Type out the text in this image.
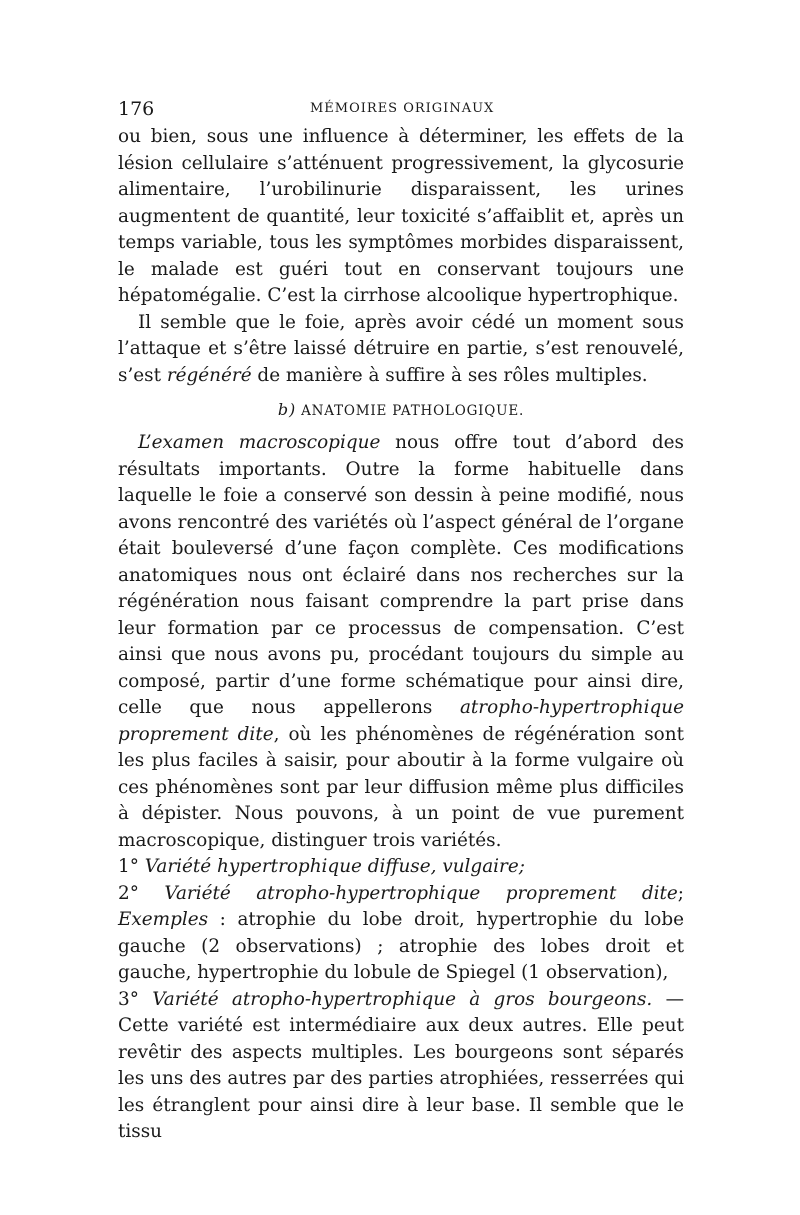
176	MÉMOIRES ORIGINAUX

ou bien, sous une influence à déterminer, les effets de la lésion cellulaire s’atténuent progressivement, la glycosurie alimentaire, l’urobilinurie disparaissent, les urines augmentent de quantité, leur toxicité s’affaiblit et, après un temps variable, tous les symptômes morbides disparaissent, le malade est guéri tout en conservant toujours une hépatomégalie. C’est la cirrhose alcoolique hypertrophique.

Il semble que le foie, après avoir cédé un moment sous l’attaque et s’être laissé détruire en partie, s’est renouvelé, s’est régénéré de manière à suffire à ses rôles multiples.

b) ANATOMIE PATHOLOGIQUE.

L’examen macroscopique nous offre tout d’abord des résultats importants. Outre la forme habituelle dans laquelle le foie a conservé son dessin à peine modifié, nous avons rencontré des variétés où l’aspect général de l’organe était bouleversé d’une façon complète. Ces modifications anatomiques nous ont éclairé dans nos recherches sur la régénération nous faisant comprendre la part prise dans leur formation par ce processus de compensation. C’est ainsi que nous avons pu, procédant toujours du simple au composé, partir d’une forme schématique pour ainsi dire, celle que nous appellerons atropho-hypertrophique proprement dite, où les phénomènes de régénération sont les plus faciles à saisir, pour aboutir à la forme vulgaire où ces phénomènes sont par leur diffusion même plus difficiles à dépister. Nous pouvons, à un point de vue purement macroscopique, distinguer trois variétés.

1° Variété hypertrophique diffuse, vulgaire;

2° Variété atropho-hypertrophique proprement dite; Exemples : atrophie du lobe droit, hypertrophie du lobe gauche (2 observations) ; atrophie des lobes droit et gauche, hypertrophie du lobule de Spiegel (1 observation),

3° Variété atropho-hypertrophique à gros bourgeons. — Cette variété est intermédiaire aux deux autres. Elle peut revêtir des aspects multiples. Les bourgeons sont séparés les uns des autres par des parties atrophiées, resserrées qui les étranglent pour ainsi dire à leur base. Il semble que le tissu
